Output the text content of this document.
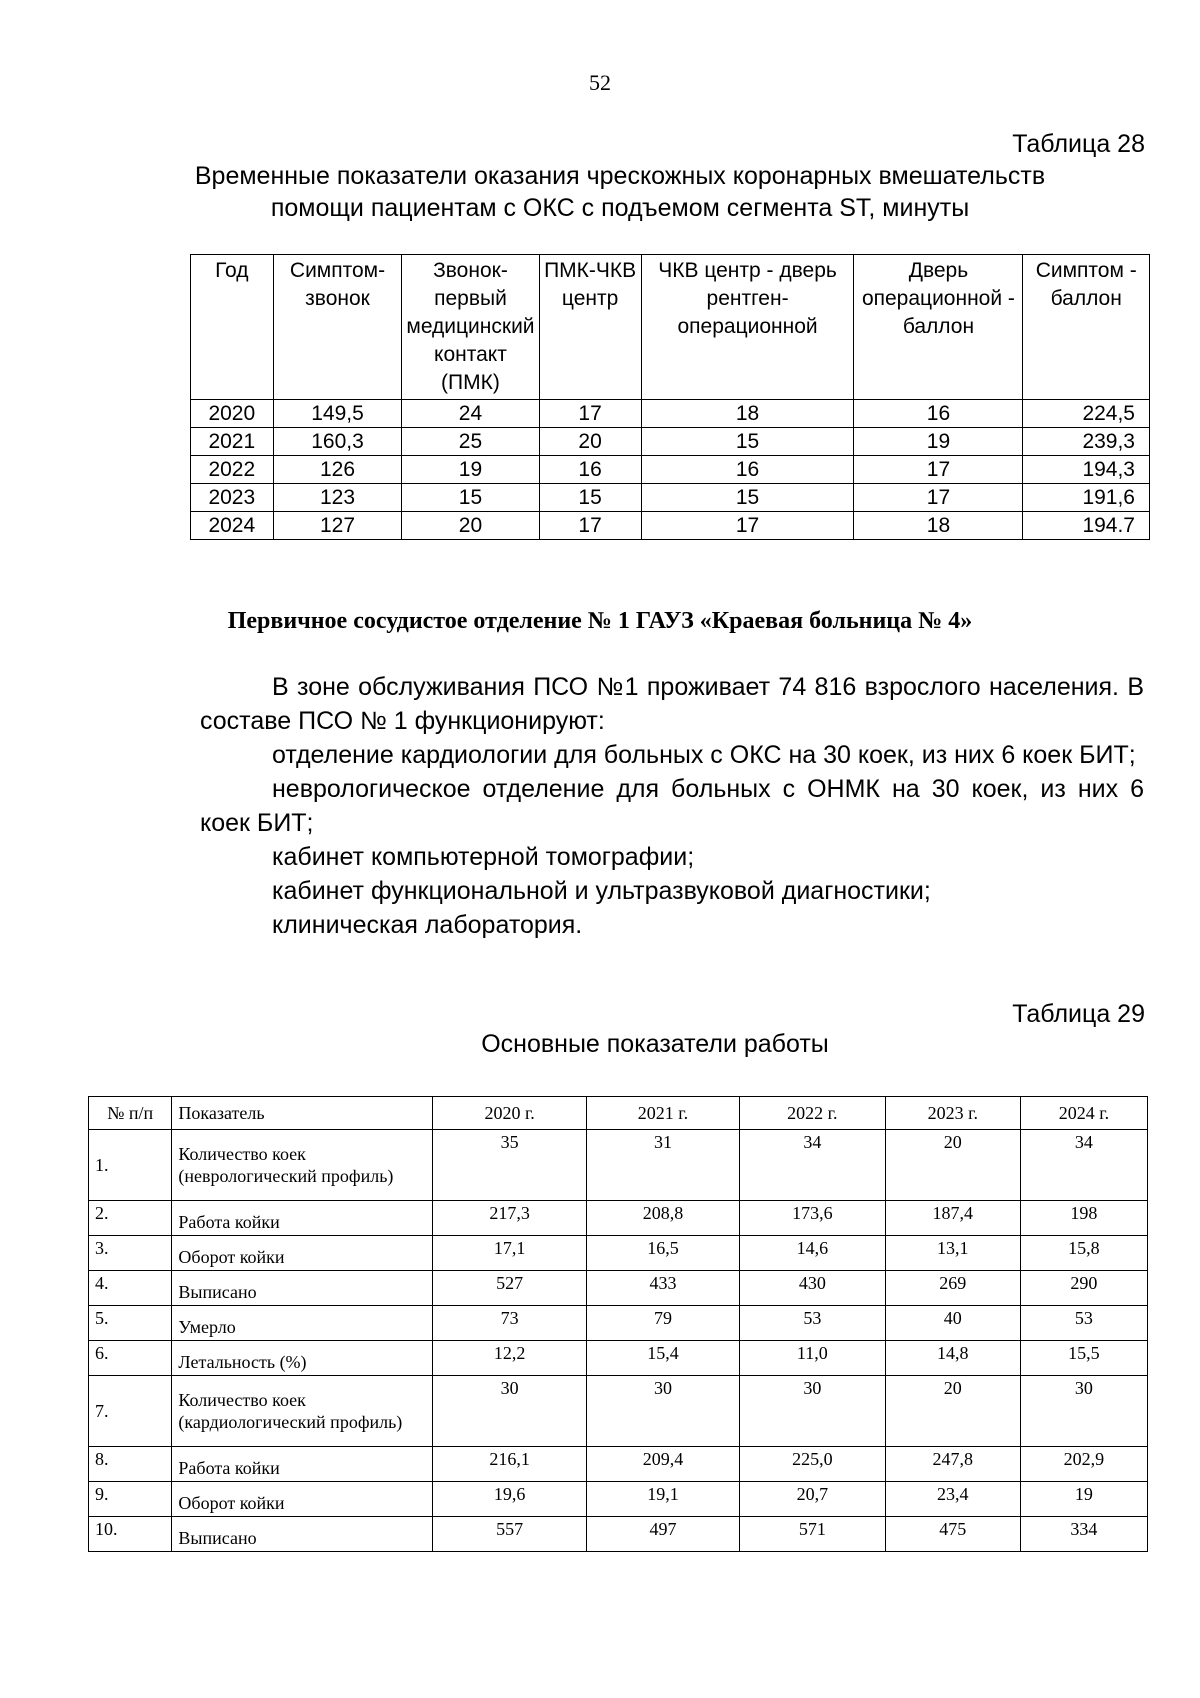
52
Таблица 28
Временные показатели оказания чрескожных коронарных вмешательств
помощи пациентам с ОКС с подъемом сегмента ST, минуты
Год	Симптом-звонок	Звонок-первый медицинский контакт (ПМК)	ПМК-ЧКВ центр	ЧКВ центр - дверь рентген-операционной	Дверь операционной - баллон	Симптом - баллон
2020	149,5	24	17	18	16	224,5
2021	160,3	25	20	15	19	239,3
2022	126	19	16	16	17	194,3
2023	123	15	15	15	17	191,6
2024	127	20	17	17	18	194.7
Первичное сосудистое отделение № 1 ГАУЗ «Краевая больница № 4»

В зоне обслуживания ПСО №1 проживает 74 816 взрослого населения. В составе ПСО № 1 функционируют:

отделение кардиологии для больных с ОКС на 30 коек, из них 6 коек БИТ;

неврологическое отделение для больных с ОНМК на 30 коек, из них 6 коек БИТ;

кабинет компьютерной томографии;

кабинет функциональной и ультразвуковой диагностики;

клиническая лаборатория.

Таблица 29
Основные показатели работы
№ п/п	Показатель	2020 г.	2021 г.	2022 г.	2023 г.	2024 г.
1.	Количество коек (неврологический профиль)	35	31	34	20	34
2.	Работа койки	217,3	208,8	173,6	187,4	198
3.	Оборот койки	17,1	16,5	14,6	13,1	15,8
4.	Выписано	527	433	430	269	290
5.	Умерло	73	79	53	40	53
6.	Летальность (%)	12,2	15,4	11,0	14,8	15,5
7.	Количество коек (кардиологический профиль)	30	30	30	20	30
8.	Работа койки	216,1	209,4	225,0	247,8	202,9
9.	Оборот койки	19,6	19,1	20,7	23,4	19
10.	Выписано	557	497	571	475	334
